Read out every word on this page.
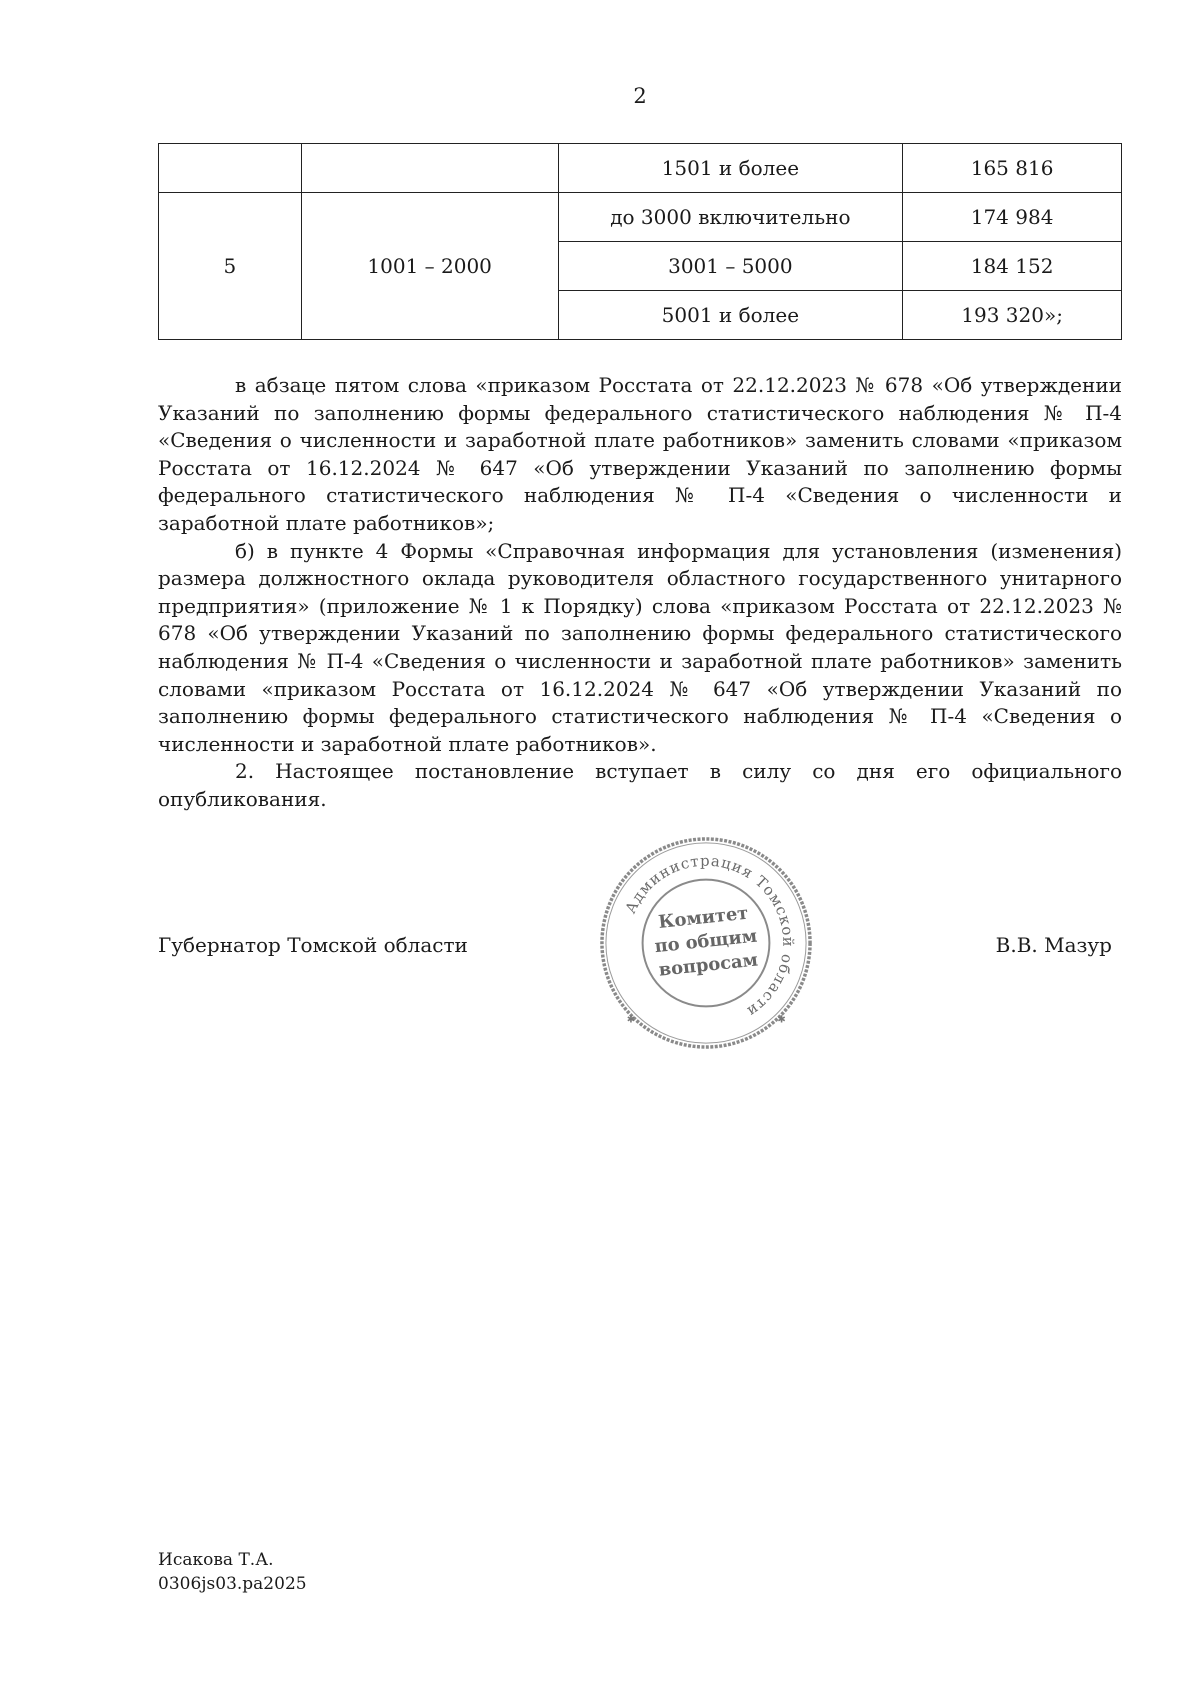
2
		1501 и более	165 816
5	1001 – 2000	до 3000 включительно	174 984
		3001 – 5000	184 152
		5001 и более	193 320»;

в абзаце пятом слова «приказом Росстата от 22.12.2023 № 678 «Об утверждении Указаний по заполнению формы федерального статистического наблюдения № П-4 «Сведения о численности и заработной плате работников» заменить словами «приказом Росстата от 16.12.2024 № 647 «Об утверждении Указаний по заполнению формы федерального статистического наблюдения № П-4 «Сведения о численности и заработной плате работников»;

б) в пункте 4 Формы «Справочная информация для установления (изменения) размера должностного оклада руководителя областного государственного унитарного предприятия» (приложение № 1 к Порядку) слова «приказом Росстата от 22.12.2023 № 678 «Об утверждении Указаний по заполнению формы федерального статистического наблюдения № П-4 «Сведения о численности и заработной плате работников» заменить словами «приказом Росстата от 16.12.2024 № 647 «Об утверждении Указаний по заполнению формы федерального статистического наблюдения № П-4 «Сведения о численности и заработной плате работников».

2. Настоящее постановление вступает в силу со дня его официального опубликования.

Губернатор Томской области	В.В. Мазур
Администрация Томской области
✱	✱
Комитет
по общим
вопросам
Исакова Т.А.
0306js03.ра2025
